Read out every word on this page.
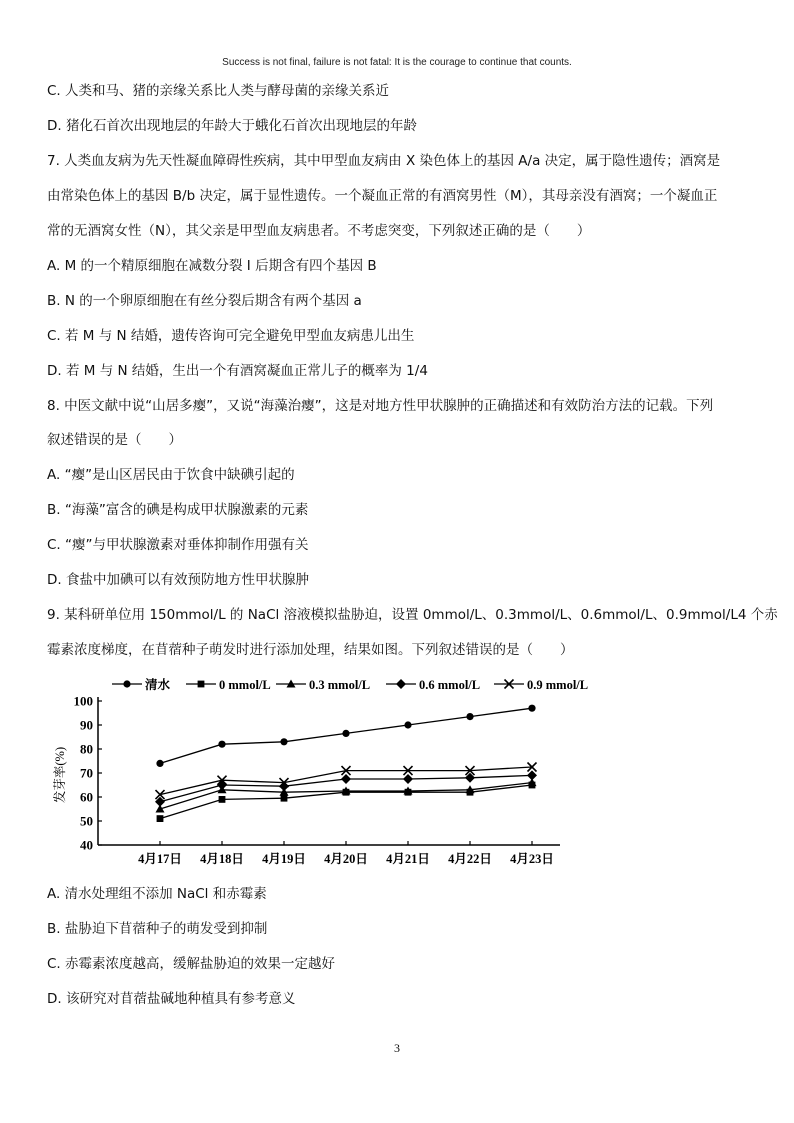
Success is not final, failure is not fatal: It is the courage to continue that counts.
C. 人类和马、猪的亲缘关系比人类与酵母菌的亲缘关系近
D. 猪化石首次出现地层的年龄大于蛾化石首次出现地层的年龄
7. 人类血友病为先天性凝血障碍性疾病，其中甲型血友病由 X 染色体上的基因 A/a 决定，属于隐性遗传；酒窝是
由常染色体上的基因 B/b 决定，属于显性遗传。一个凝血正常的有酒窝男性（M），其母亲没有酒窝；一个凝血正
常的无酒窝女性（N），其父亲是甲型血友病患者。不考虑突变，下列叙述正确的是（　　）
A. M 的一个精原细胞在减数分裂 I 后期含有四个基因 B
B. N 的一个卵原细胞在有丝分裂后期含有两个基因 a
C. 若 M 与 N 结婚，遗传咨询可完全避免甲型血友病患儿出生
D. 若 M 与 N 结婚，生出一个有酒窝凝血正常儿子的概率为 1/4
8. 中医文献中说“山居多瘿”，又说“海藻治瘿”，这是对地方性甲状腺肿的正确描述和有效防治方法的记载。下列
叙述错误的是（　　）
A. “瘿”是山区居民由于饮食中缺碘引起的
B. “海藻”富含的碘是构成甲状腺激素的元素
C. “瘿”与甲状腺激素对垂体抑制作用强有关
D. 食盐中加碘可以有效预防地方性甲状腺肿
9. 某科研单位用 150mmol/L 的 NaCl 溶液模拟盐胁迫，设置 0mmol/L、0.3mmol/L、0.6mmol/L、0.9mmol/L4 个赤
霉素浓度梯度，在苜蓿种子萌发时进行添加处理，结果如图。下列叙述错误的是（　　）
40
50
60
70
80
90
100
4月17日 4月18日 4月19日 4月20日 4月21日 4月22日 4月23日
发芽率(%)
清水	0 mmol/L	0.3 mmol/L	0.6 mmol/L	0.9 mmol/L
A. 清水处理组不添加 NaCl 和赤霉素
B. 盐胁迫下苜蓿种子的萌发受到抑制
C. 赤霉素浓度越高，缓解盐胁迫的效果一定越好
D. 该研究对苜蓿盐碱地种植具有参考意义
3
